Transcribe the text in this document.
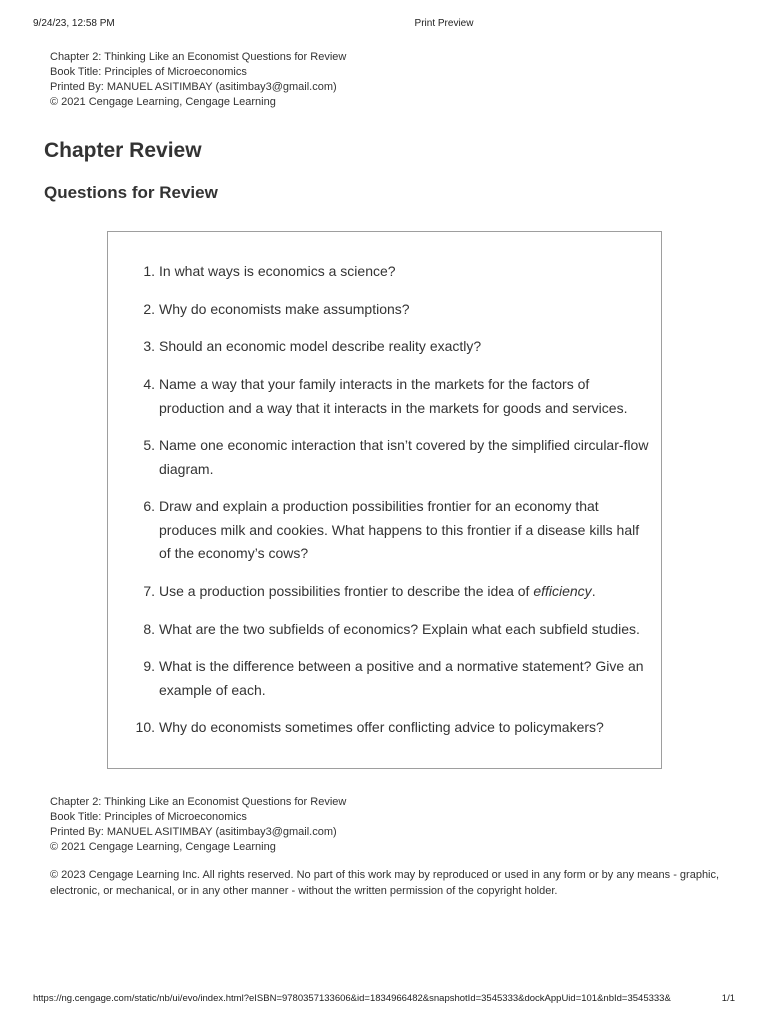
9/24/23, 12:58 PM	Print Preview
Chapter 2: Thinking Like an Economist Questions for Review
Book Title: Principles of Microeconomics
Printed By: MANUEL ASITIMBAY (asitimbay3@gmail.com)
© 2021 Cengage Learning, Cengage Learning
Chapter Review
Questions for Review
1. In what ways is economics a science?
2. Why do economists make assumptions?
3. Should an economic model describe reality exactly?
4. Name a way that your family interacts in the markets for the factors of production and a way that it interacts in the markets for goods and services.
5. Name one economic interaction that isn’t covered by the simplified circular-flow diagram.
6. Draw and explain a production possibilities frontier for an economy that produces milk and cookies. What happens to this frontier if a disease kills half of the economy’s cows?
7. Use a production possibilities frontier to describe the idea of efficiency.
8. What are the two subfields of economics? Explain what each subfield studies.
9. What is the difference between a positive and a normative statement? Give an example of each.
10. Why do economists sometimes offer conflicting advice to policymakers?
Chapter 2: Thinking Like an Economist Questions for Review
Book Title: Principles of Microeconomics
Printed By: MANUEL ASITIMBAY (asitimbay3@gmail.com)
© 2021 Cengage Learning, Cengage Learning
© 2023 Cengage Learning Inc. All rights reserved. No part of this work may by reproduced or used in any form or by any means - graphic, electronic, or mechanical, or in any other manner - without the written permission of the copyright holder.
https://ng.cengage.com/static/nb/ui/evo/index.html?eISBN=9780357133606&id=1834966482&snapshotId=3545333&dockAppUid=101&nbId=3545333&	1/1
